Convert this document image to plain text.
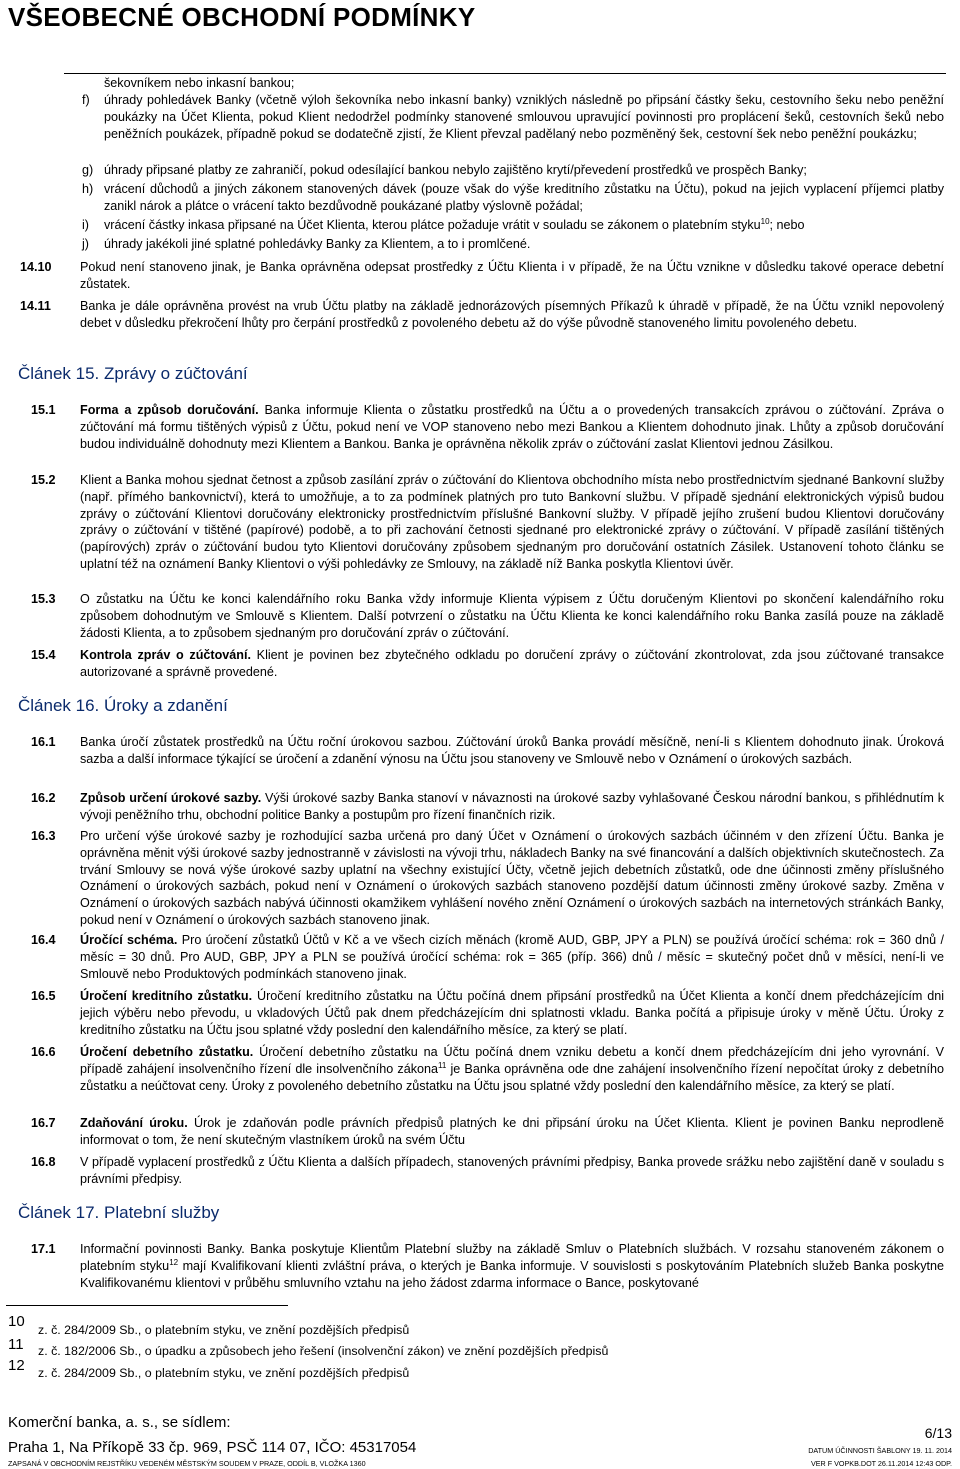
VŠEOBECNÉ OBCHODNÍ PODMÍNKY
šekovníkem nebo inkasní bankou;
f) úhrady pohledávek Banky (včetně výloh šekovníka nebo inkasní banky) vzniklých následně po připsání částky šeku, cestovního šeku nebo peněžní poukázky na Účet Klienta, pokud Klient nedodržel podmínky stanovené smlouvou upravující povinnosti pro proplácení šeků, cestovních šeků nebo peněžních poukázek, případně pokud se dodatečně zjistí, že Klient převzal padělaný nebo pozměněný šek, cestovní šek nebo peněžní poukázku;
g) úhrady připsané platby ze zahraničí, pokud odesílající bankou nebylo zajištěno krytí/převedení prostředků ve prospěch Banky;
h) vrácení důchodů a jiných zákonem stanovených dávek (pouze však do výše kreditního zůstatku na Účtu), pokud na jejich vyplacení příjemci platby zanikl nárok a plátce o vrácení takto bezdůvodně poukázané platby výslovně požádal;
i) vrácení částky inkasa připsané na Účet Klienta, kterou plátce požaduje vrátit v souladu se zákonem o platebním styku$^{10}$; nebo
j) úhrady jakékoli jiné splatné pohledávky Banky za Klientem, a to i promlčené.
14.10 Pokud není stanoveno jinak, je Banka oprávněna odepsat prostředky z Účtu Klienta i v případě, že na Účtu vznikne v důsledku takové operace debetní zůstatek.
14.11 Banka je dále oprávněna provést na vrub Účtu platby na základě jednorázových písemných Příkazů k úhradě v případě, že na Účtu vznikl nepovolený debet v důsledku překročení lhůty pro čerpání prostředků z povoleného debetu až do výše původně stanoveného limitu povoleného debetu.
Článek 15. Zprávy o zúčtování
15.1 Forma a způsob doručování. Banka informuje Klienta o zůstatku prostředků na Účtu a o provedených transakcích zprávou o zúčtování. Zpráva o zúčtování má formu tištěných výpisů z Účtu, pokud není ve VOP stanoveno nebo mezi Bankou a Klientem dohodnuto jinak. Lhůty a způsob doručování budou individuálně dohodnuty mezi Klientem a Bankou. Banka je oprávněna několik zpráv o zúčtování zaslat Klientovi jednou Zásilkou.
15.2 Klient a Banka mohou sjednat četnost a způsob zasílání zpráv o zúčtování do Klientova obchodního místa nebo prostřednictvím sjednané Bankovní služby (např. přímého bankovnictví), která to umožňuje, a to za podmínek platných pro tuto Bankovní službu. V případě sjednání elektronických výpisů budou zprávy o zúčtování Klientovi doručovány elektronicky prostřednictvím příslušné Bankovní služby. V případě jejího zrušení budou Klientovi doručovány zprávy o zúčtování v tištěné (papírové) podobě, a to při zachování četnosti sjednané pro elektronické zprávy o zúčtování. V případě zasílání tištěných (papírových) zpráv o zúčtování budou tyto Klientovi doručovány způsobem sjednaným pro doručování ostatních Zásilek. Ustanovení tohoto článku se uplatní též na oznámení Banky Klientovi o výši pohledávky ze Smlouvy, na základě níž Banka poskytla Klientovi úvěr.
15.3 O zůstatku na Účtu ke konci kalendářního roku Banka vždy informuje Klienta výpisem z Účtu doručeným Klientovi po skončení kalendářního roku způsobem dohodnutým ve Smlouvě s Klientem. Další potvrzení o zůstatku na Účtu Klienta ke konci kalendářního roku Banka zasílá pouze na základě žádosti Klienta, a to způsobem sjednaným pro doručování zpráv o zúčtování.
15.4 Kontrola zpráv o zúčtování. Klient je povinen bez zbytečného odkladu po doručení zprávy o zúčtování zkontrolovat, zda jsou zúčtované transakce autorizované a správně provedené.
Článek 16. Úroky a zdanění
16.1 Banka úročí zůstatek prostředků na Účtu roční úrokovou sazbou. Zúčtování úroků Banka provádí měsíčně, není-li s Klientem dohodnuto jinak. Úroková sazba a další informace týkající se úročení a zdanění výnosu na Účtu jsou stanoveny ve Smlouvě nebo v Oznámení o úrokových sazbách.
16.2 Způsob určení úrokové sazby. Výši úrokové sazby Banka stanoví v návaznosti na úrokové sazby vyhlašované Českou národní bankou, s přihlédnutím k vývoji peněžního trhu, obchodní politice Banky a postupům pro řízení finančních rizik.
16.3 Pro určení výše úrokové sazby je rozhodující sazba určená pro daný Účet v Oznámení o úrokových sazbách účinném v den zřízení Účtu. Banka je oprávněna měnit výši úrokové sazby jednostranně v závislosti na vývoji trhu, nákladech Banky na své financování a dalších objektivních skutečnostech. Za trvání Smlouvy se nová výše úrokové sazby uplatní na všechny existující Účty, včetně jejich debetních zůstatků, ode dne účinnosti změny příslušného Oznámení o úrokových sazbách, pokud není v Oznámení o úrokových sazbách stanoveno pozdější datum účinnosti změny úrokové sazby. Změna v Oznámení o úrokových sazbách nabývá účinnosti okamžikem vyhlášení nového znění Oznámení o úrokových sazbách na internetových stránkách Banky, pokud není v Oznámení o úrokových sazbách stanoveno jinak.
16.4 Úročící schéma. Pro úročení zůstatků Účtů v Kč a ve všech cizích měnách (kromě AUD, GBP, JPY a PLN) se používá úročící schéma: rok = 360 dnů / měsíc = 30 dnů. Pro AUD, GBP, JPY a PLN se používá úročící schéma: rok = 365 (příp. 366) dnů / měsíc = skutečný počet dnů v měsíci, není-li ve Smlouvě nebo Produktových podmínkách stanoveno jinak.
16.5 Úročení kreditního zůstatku. Úročení kreditního zůstatku na Účtu počíná dnem připsání prostředků na Účet Klienta a končí dnem předcházejícím dni jejich výběru nebo převodu, u vkladových Účtů pak dnem předcházejícím dni splatnosti vkladu. Banka počítá a připisuje úroky v měně Účtu. Úroky z kreditního zůstatku na Účtu jsou splatné vždy poslední den kalendářního měsíce, za který se platí.
16.6 Úročení debetního zůstatku. Úročení debetního zůstatku na Účtu počíná dnem vzniku debetu a končí dnem předcházejícím dni jeho vyrovnání. V případě zahájení insolvenčního řízení dle insolvenčního zákona$^{11}$ je Banka oprávněna ode dne zahájení insolvenčního řízení nepočítat úroky z debetního zůstatku a neúčtovat ceny. Úroky z povoleného debetního zůstatku na Účtu jsou splatné vždy poslední den kalendářního měsíce, za který se platí.
16.7 Zdaňování úroku. Úrok je zdaňován podle právních předpisů platných ke dni připsání úroku na Účet Klienta. Klient je povinen Banku neprodleně informovat o tom, že není skutečným vlastníkem úroků na svém Účtu
16.8 V případě vyplacení prostředků z Účtu Klienta a dalších případech, stanovených právními předpisy, Banka provede srážku nebo zajištění daně v souladu s právními předpisy.
Článek 17. Platební služby
17.1 Informační povinnosti Banky. Banka poskytuje Klientům Platební služby na základě Smluv o Platebních službách. V rozsahu stanoveném zákonem o platebním styku$^{12}$ mají Kvalifikovaní klienti zvláštní práva, o kterých je Banka informuje. V souvislosti s poskytováním Platebních služeb Banka poskytne Kvalifikovanému klientovi v průběhu smluvního vztahu na jeho žádost zdarma informace o Bance, poskytované
10 z. č. 284/2009 Sb., o platebním styku, ve znění pozdějších předpisů
11 z. č. 182/2006 Sb., o úpadku a způsobech jeho řešení (insolvenční zákon) ve znění pozdějších předpisů
12 z. č. 284/2009 Sb., o platebním styku, ve znění pozdějších předpisů
Komerční banka, a. s., se sídlem:
Praha 1, Na Příkopě 33 čp. 969, PSČ 114 07, IČO: 45317054
ZAPSANÁ V OBCHODNÍM REJSTŘÍKU VEDENÉM MĚSTSKÝM SOUDEM V PRAZE, ODDÍL B, VLOŽKA 1360
6/13
DATUM ÚČINNOSTI ŠABLONY 19. 11. 2014
VER F VOPKB.DOT 26.11.2014 12:43 ODP.
